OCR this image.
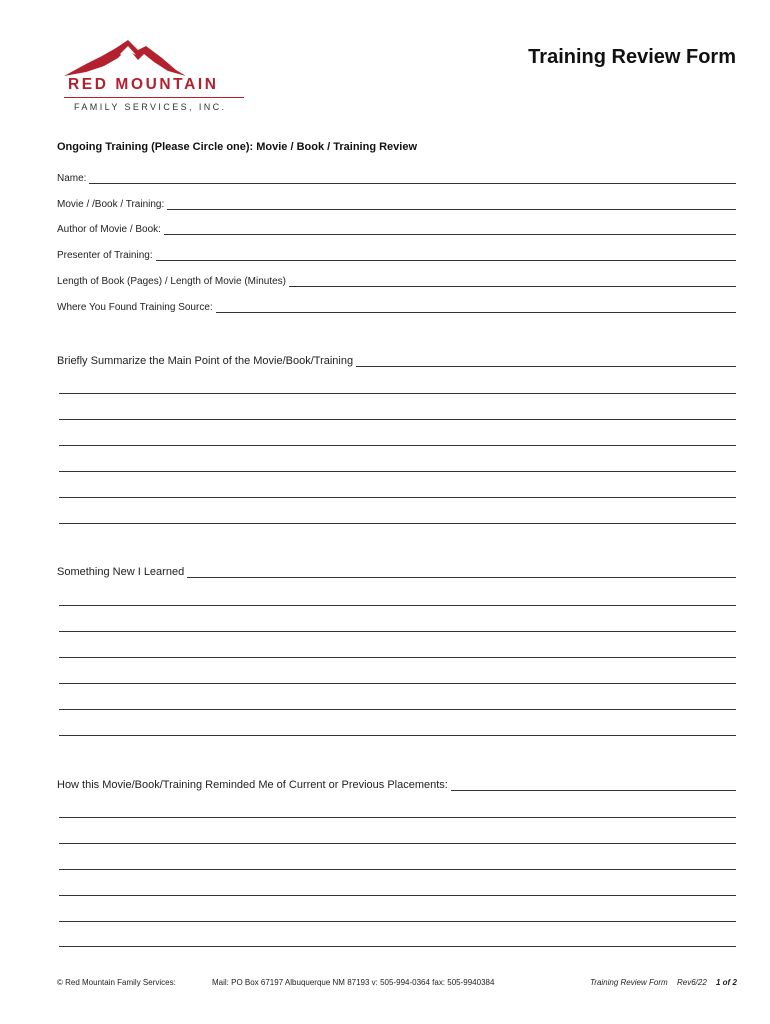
RED MOUNTAIN
FAMILY SERVICES, INC.
Training Review Form
Ongoing Training (Please Circle one): Movie / Book / Training Review
Name:
Movie / /Book / Training:
Author of Movie / Book:
Presenter of Training:
Length of Book (Pages) / Length of Movie (Minutes)
Where You Found Training Source:
Briefly Summarize the Main Point of the Movie/Book/Training
Something New I Learned
How this Movie/Book/Training Reminded Me of Current or Previous Placements:
© Red Mountain Family Services:	Mail: PO Box 67197 Albuquerque NM 87193 v: 505-994-0364 fax: 505-9940384	Training Review Form Rev6/22 1 of 2
